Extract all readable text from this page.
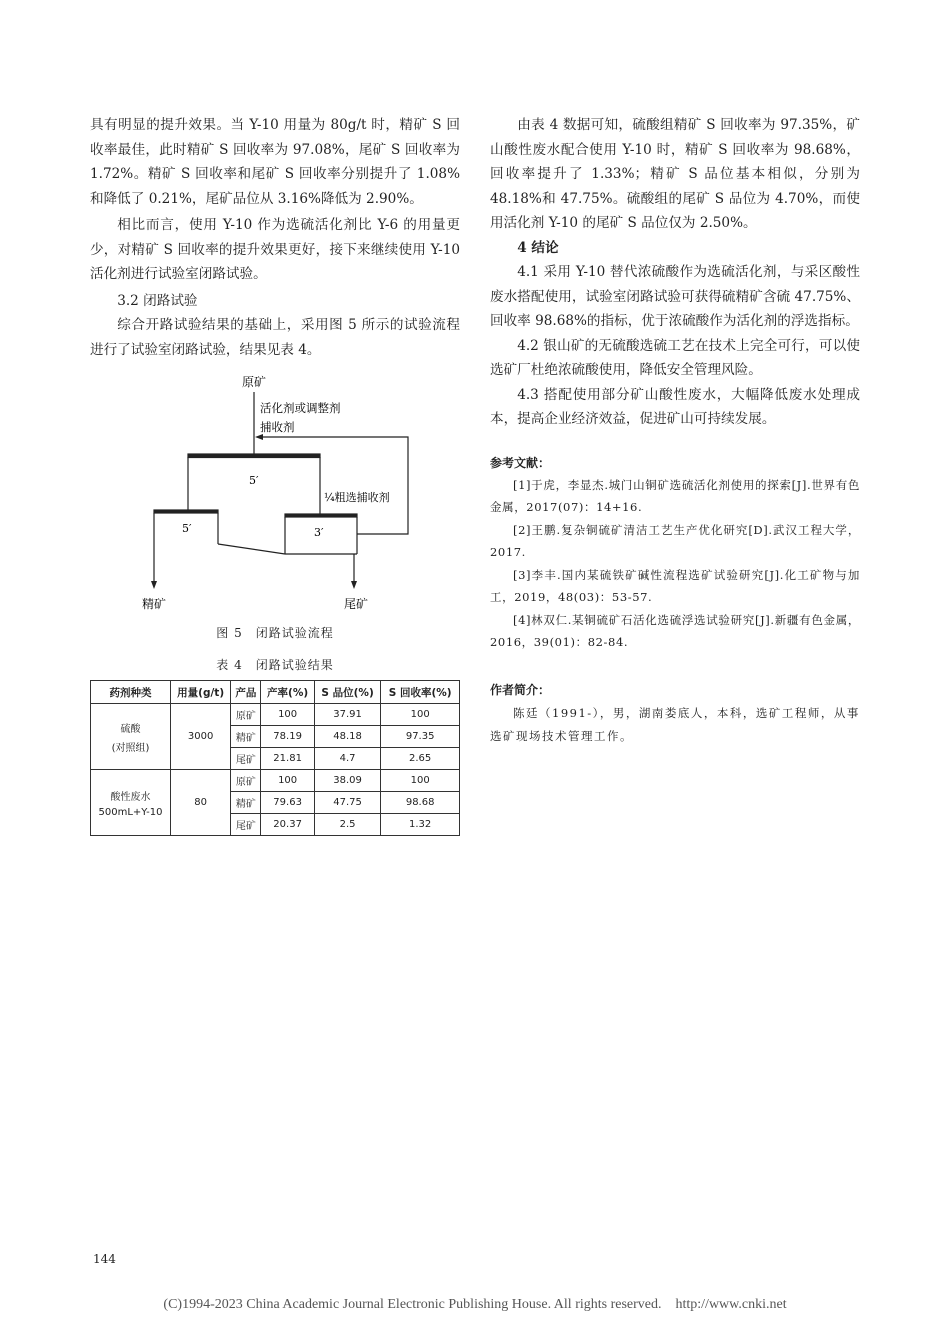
具有明显的提升效果。当 Y-10 用量为 80g/t 时，精矿 S 回收率最佳，此时精矿 S 回收率为 97.08%，尾矿 S 回收率为 1.72%。精矿 S 回收率和尾矿 S 回收率分别提升了 1.08%和降低了 0.21%，尾矿品位从 3.16%降低为 2.90%。

相比而言，使用 Y-10 作为选硫活化剂比 Y-6 的用量更少，对精矿 S 回收率的提升效果更好，接下来继续使用 Y-10 活化剂进行试验室闭路试验。

3.2 闭路试验

综合开路试验结果的基础上，采用图 5 所示的试验流程进行了试验室闭路试验，结果见表 4。

原矿
活化剂或调整剂
捕收剂
5′
¼粗选捕收剂
5′	3′
精矿	尾矿
图 5　闭路试验流程
表 4　闭路试验结果
药剂种类	用量(g/t)	产品	产率(%)	S 品位(%)	S 回收率(%)

硫酸
(对照组)	3000	原矿	100	37.91	100
		精矿	78.19	48.18	97.35
		尾矿	21.81	4.7	2.65

酸性废水
500mL+Y-10	80	原矿	100	38.09	100
		精矿	79.63	47.75	98.68
		尾矿	20.37	2.5	1.32

由表 4 数据可知，硫酸组精矿 S 回收率为 97.35%，矿山酸性废水配合使用 Y-10 时，精矿 S 回收率为 98.68%，回收率提升了 1.33%；精矿 S 品位基本相似，分别为 48.18%和 47.75%。硫酸组的尾矿 S 品位为 4.70%，而使用活化剂 Y-10 的尾矿 S 品位仅为 2.50%。

4 结论

4.1 采用 Y-10 替代浓硫酸作为选硫活化剂，与采区酸性废水搭配使用，试验室闭路试验可获得硫精矿含硫 47.75%、回收率 98.68%的指标，优于浓硫酸作为活化剂的浮选指标。

4.2 银山矿的无硫酸选硫工艺在技术上完全可行，可以使选矿厂杜绝浓硫酸使用，降低安全管理风险。

4.3 搭配使用部分矿山酸性废水，大幅降低废水处理成本，提高企业经济效益，促进矿山可持续发展。

参考文献：
[1]于虎，李显杰.城门山铜矿选硫活化剂使用的探索[J].世界有色金属，2017(07)：14+16.
[2]王鹏.复杂铜硫矿清洁工艺生产优化研究[D].武汉工程大学，2017.
[3]李丰.国内某硫铁矿碱性流程选矿试验研究[J].化工矿物与加工，2019，48(03)：53-57.
[4]林双仁.某铜硫矿石活化选硫浮选试验研究[J].新疆有色金属，2016，39(01)：82-84.
作者简介：
陈廷（1991-），男，湖南娄底人，本科，选矿工程师，从事选矿现场技术管理工作。
144
(C)1994-2023 China Academic Journal Electronic Publishing House. All rights reserved. http://www.cnki.net
